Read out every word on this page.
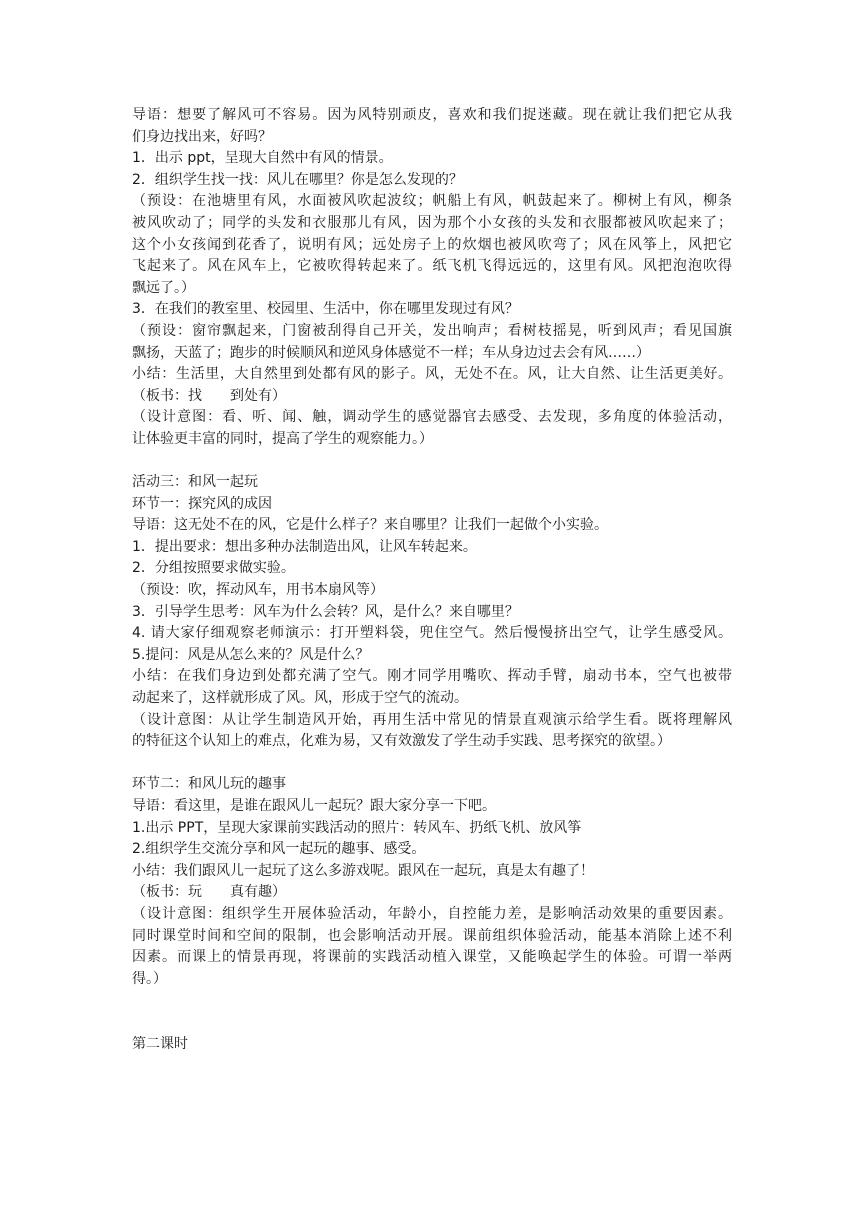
导语：想要了解风可不容易。因为风特别顽皮，喜欢和我们捉迷藏。现在就让我们把它从我
们身边找出来，好吗？
1．出示 ppt，呈现大自然中有风的情景。
2．组织学生找一找：风儿在哪里？你是怎么发现的？
（预设：在池塘里有风，水面被风吹起波纹；帆船上有风，帆鼓起来了。柳树上有风，柳条
被风吹动了；同学的头发和衣服那儿有风，因为那个小女孩的头发和衣服都被风吹起来了；
这个小女孩闻到花香了，说明有风；远处房子上的炊烟也被风吹弯了；风在风筝上，风把它
飞起来了。风在风车上，它被吹得转起来了。纸飞机飞得远远的，这里有风。风把泡泡吹得
飘远了。）
3．在我们的教室里、校园里、生活中，你在哪里发现过有风？
（预设：窗帘飘起来，门窗被刮得自己开关，发出响声；看树枝摇晃，听到风声；看见国旗
飘扬，天蓝了；跑步的时候顺风和逆风身体感觉不一样；车从身边过去会有风……）
小结：生活里，大自然里到处都有风的影子。风，无处不在。风，让大自然、让生活更美好。
（板书：找　　到处有）
（设计意图：看、听、闻、触，调动学生的感觉器官去感受、去发现，多角度的体验活动，
让体验更丰富的同时，提高了学生的观察能力。）
活动三：和风一起玩
环节一：探究风的成因
导语：这无处不在的风，它是什么样子？来自哪里？让我们一起做个小实验。
1．提出要求：想出多种办法制造出风，让风车转起来。
2．分组按照要求做实验。
（预设：吹，挥动风车，用书本扇风等）
3．引导学生思考：风车为什么会转？风，是什么？来自哪里？
4. 请大家仔细观察老师演示：打开塑料袋，兜住空气。然后慢慢挤出空气，让学生感受风。
5.提问：风是从怎么来的？风是什么？
小结：在我们身边到处都充满了空气。刚才同学用嘴吹、挥动手臂，扇动书本，空气也被带
动起来了，这样就形成了风。风，形成于空气的流动。
（设计意图：从让学生制造风开始，再用生活中常见的情景直观演示给学生看。既将理解风
的特征这个认知上的难点，化难为易，又有效激发了学生动手实践、思考探究的欲望。）
环节二：和风儿玩的趣事
导语：看这里，是谁在跟风儿一起玩？跟大家分享一下吧。
1.出示 PPT，呈现大家课前实践活动的照片：转风车、扔纸飞机、放风筝
2.组织学生交流分享和风一起玩的趣事、感受。
小结：我们跟风儿一起玩了这么多游戏呢。跟风在一起玩，真是太有趣了！
（板书：玩　　真有趣）
（设计意图：组织学生开展体验活动，年龄小，自控能力差，是影响活动效果的重要因素。
同时课堂时间和空间的限制，也会影响活动开展。课前组织体验活动，能基本消除上述不利
因素。而课上的情景再现，将课前的实践活动植入课堂，又能唤起学生的体验。可谓一举两
得。）
第二课时
